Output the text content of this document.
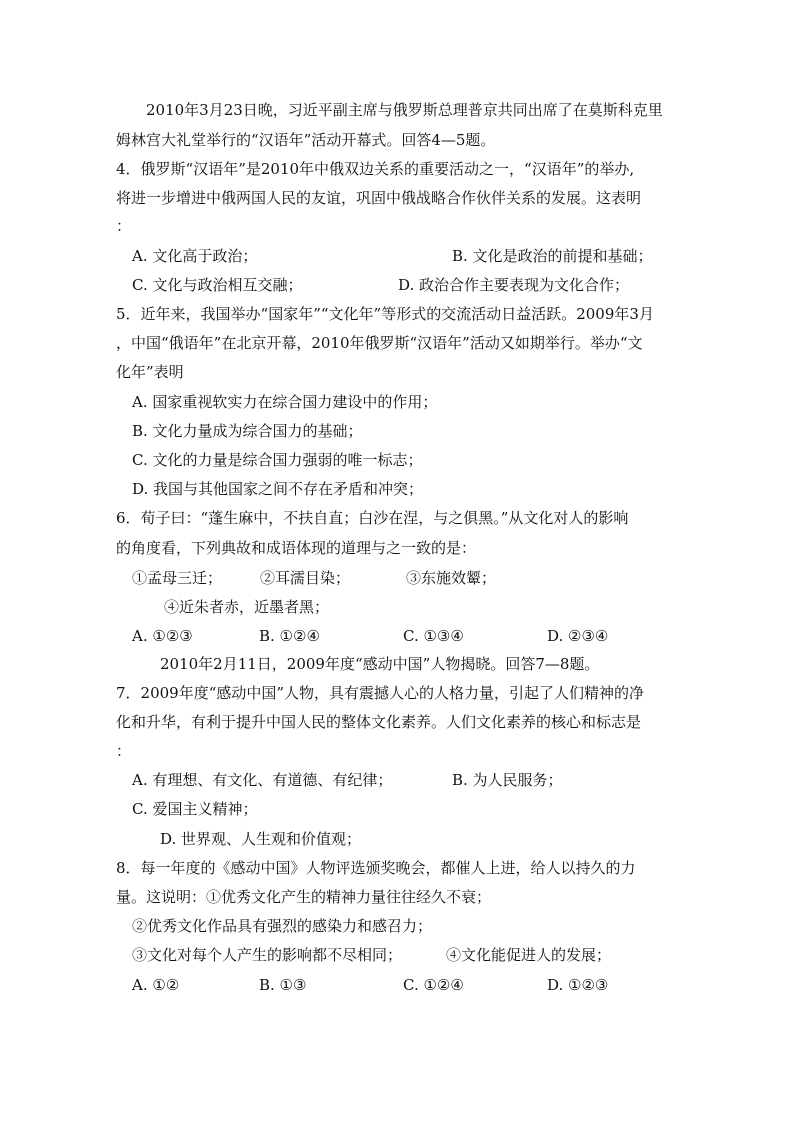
2010年3月23日晚，习近平副主席与俄罗斯总理普京共同出席了在莫斯科克里
姆林宫大礼堂举行的“汉语年”活动开幕式。回答4—5题。
4．俄罗斯“汉语年”是2010年中俄双边关系的重要活动之一，“汉语年”的举办,
将进一步增进中俄两国人民的友谊，巩固中俄战略合作伙伴关系的发展。这表明
：
A. 文化高于政治；	B. 文化是政治的前提和基础；
C. 文化与政治相互交融；	D. 政治合作主要表现为文化合作；
5．近年来，我国举办“国家年”“文化年”等形式的交流活动日益活跃。2009年3月
，中国“俄语年”在北京开幕，2010年俄罗斯“汉语年”活动又如期举行。举办“文
化年”表明
A. 国家重视软实力在综合国力建设中的作用；
B. 文化力量成为综合国力的基础；
C. 文化的力量是综合国力强弱的唯一标志；
D. 我国与其他国家之间不存在矛盾和冲突；
6．荀子曰：“蓬生麻中，不扶自直；白沙在涅，与之俱黑。”从文化对人的影响
的角度看，下列典故和成语体现的道理与之一致的是：
①孟母三迁；	②耳濡目染；	③东施效颦；
④近朱者赤，近墨者黑；
A. ①②③	B. ①②④	C. ①③④	D. ②③④
2010年2月11日，2009年度“感动中国”人物揭晓。回答7—8题。
7．2009年度“感动中国”人物，具有震撼人心的人格力量，引起了人们精神的净
化和升华，有利于提升中国人民的整体文化素养。人们文化素养的核心和标志是
：
A. 有理想、有文化、有道德、有纪律；	B. 为人民服务；
C. 爱国主义精神；
D. 世界观、人生观和价值观；
8．每一年度的《感动中国》人物评选颁奖晚会，都催人上进，给人以持久的力
量。这说明：①优秀文化产生的精神力量往往经久不衰；
②优秀文化作品具有强烈的感染力和感召力；
③文化对每个人产生的影响都不尽相同；	④文化能促进人的发展；
A. ①②	B. ①③	C. ①②④	D. ①②③
